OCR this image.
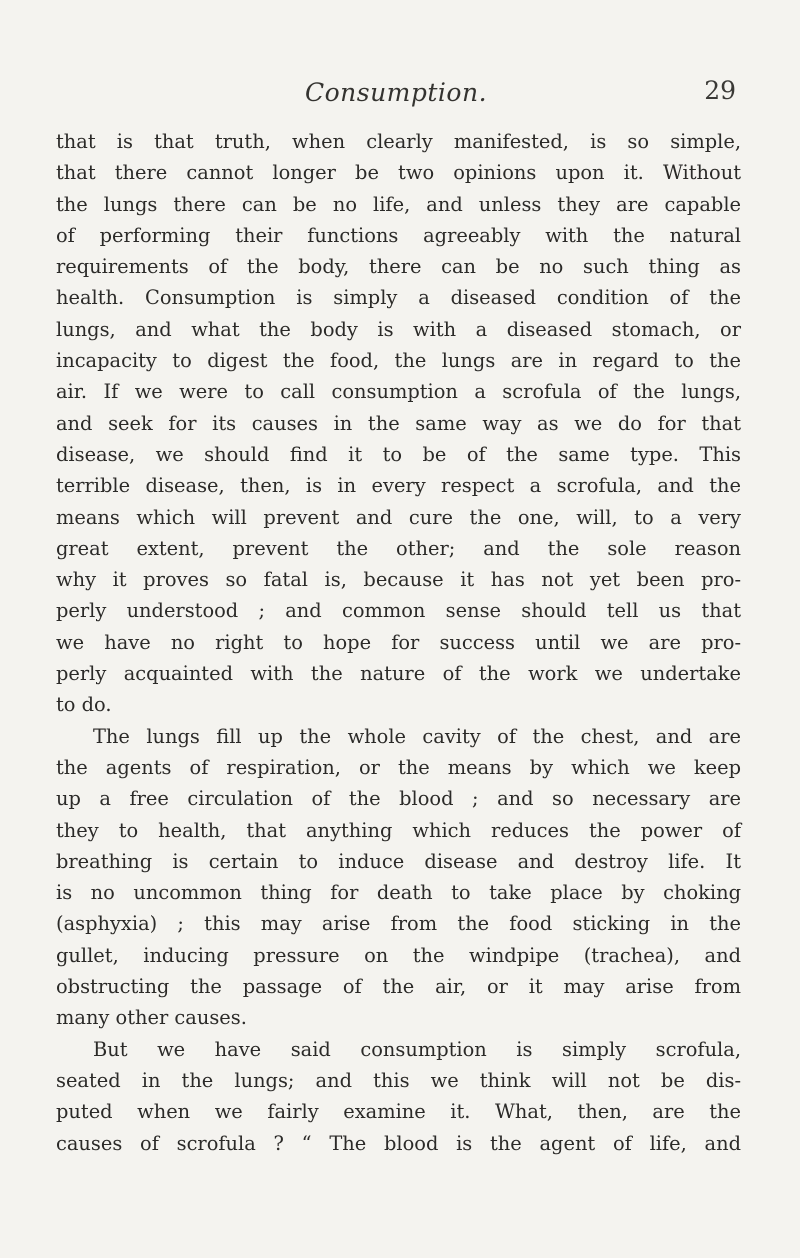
Consumption.	29
that is that truth, when clearly manifested, is so simple,
that there cannot longer be two opinions upon it. Without
the lungs there can be no life, and unless they are capable
of performing their functions agreeably with the natural
requirements of the body, there can be no such thing as
health. Consumption is simply a diseased condition of the
lungs, and what the body is with a diseased stomach, or
incapacity to digest the food, the lungs are in regard to the
air. If we were to call consumption a scrofula of the lungs,
and seek for its causes in the same way as we do for that
disease, we should find it to be of the same type. This
terrible disease, then, is in every respect a scrofula, and the
means which will prevent and cure the one, will, to a very
great extent, prevent the other; and the sole reason
why it proves so fatal is, because it has not yet been pro-
perly understood ; and common sense should tell us that
we have no right to hope for success until we are pro-
perly acquainted with the nature of the work we undertake
to do.
The lungs fill up the whole cavity of the chest, and are
the agents of respiration, or the means by which we keep
up a free circulation of the blood ; and so necessary are
they to health, that anything which reduces the power of
breathing is certain to induce disease and destroy life. It
is no uncommon thing for death to take place by choking
(asphyxia) ; this may arise from the food sticking in the
gullet, inducing pressure on the windpipe (trachea), and
obstructing the passage of the air, or it may arise from
many other causes.
But we have said consumption is simply scrofula,
seated in the lungs; and this we think will not be dis-
puted when we fairly examine it. What, then, are the
causes of scrofula ? “ The blood is the agent of life, and
